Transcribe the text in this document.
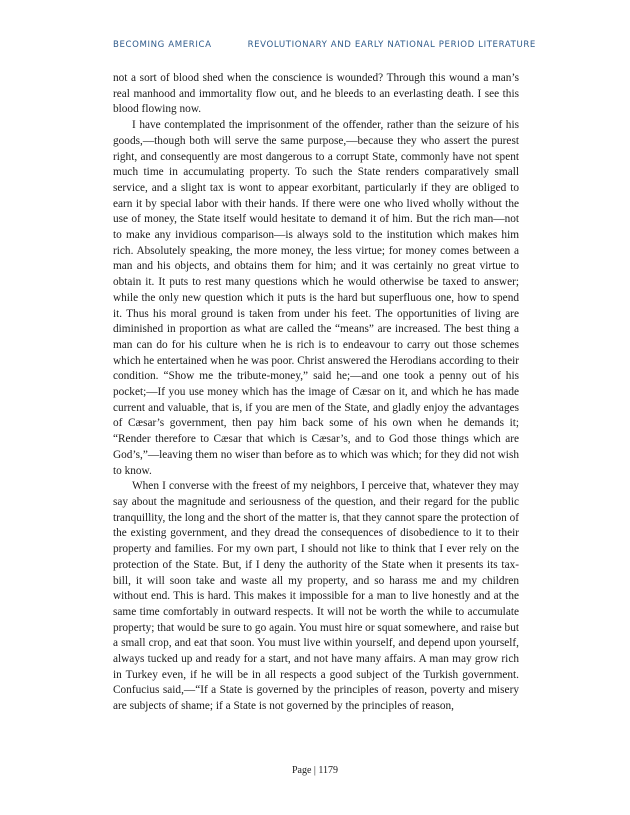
BECOMING AMERICA	REVOLUTIONARY AND EARLY NATIONAL PERIOD LITERATURE

not a sort of blood shed when the conscience is wounded? Through this wound a man’s real manhood and immortality flow out, and he bleeds to an everlasting death. I see this blood flowing now.

I have contemplated the imprisonment of the offender, rather than the seizure of his goods,—though both will serve the same purpose,—because they who assert the purest right, and consequently are most dangerous to a corrupt State, commonly have not spent much time in accumulating property. To such the State renders comparatively small service, and a slight tax is wont to appear exorbitant, particularly if they are obliged to earn it by special labor with their hands. If there were one who lived wholly without the use of money, the State itself would hesitate to demand it of him. But the rich man—not to make any invidious comparison—is always sold to the institution which makes him rich. Absolutely speaking, the more money, the less virtue; for money comes between a man and his objects, and obtains them for him; and it was certainly no great virtue to obtain it. It puts to rest many questions which he would otherwise be taxed to answer; while the only new question which it puts is the hard but superfluous one, how to spend it. Thus his moral ground is taken from under his feet. The opportunities of living are diminished in proportion as what are called the “means” are increased. The best thing a man can do for his culture when he is rich is to endeavour to carry out those schemes which he entertained when he was poor. Christ answered the Herodians according to their condition. “Show me the tribute-money,” said he;—and one took a penny out of his pocket;—If you use money which has the image of Cæsar on it, and which he has made current and valuable, that is, if you are men of the State, and gladly enjoy the advantages of Cæsar’s government, then pay him back some of his own when he demands it; “Render therefore to Cæsar that which is Cæsar’s, and to God those things which are God’s,”—leaving them no wiser than before as to which was which; for they did not wish to know.

When I converse with the freest of my neighbors, I perceive that, whatever they may say about the magnitude and seriousness of the question, and their regard for the public tranquillity, the long and the short of the matter is, that they cannot spare the protection of the existing government, and they dread the consequences of disobedience to it to their property and families. For my own part, I should not like to think that I ever rely on the protection of the State. But, if I deny the authority of the State when it presents its tax-bill, it will soon take and waste all my property, and so harass me and my children without end. This is hard. This makes it impossible for a man to live honestly and at the same time comfortably in outward respects. It will not be worth the while to accumulate property; that would be sure to go again. You must hire or squat somewhere, and raise but a small crop, and eat that soon. You must live within yourself, and depend upon yourself, always tucked up and ready for a start, and not have many affairs. A man may grow rich in Turkey even, if he will be in all respects a good subject of the Turkish government. Confucius said,—“If a State is governed by the principles of reason, poverty and misery are subjects of shame; if a State is not governed by the principles of reason,

Page | 1179
